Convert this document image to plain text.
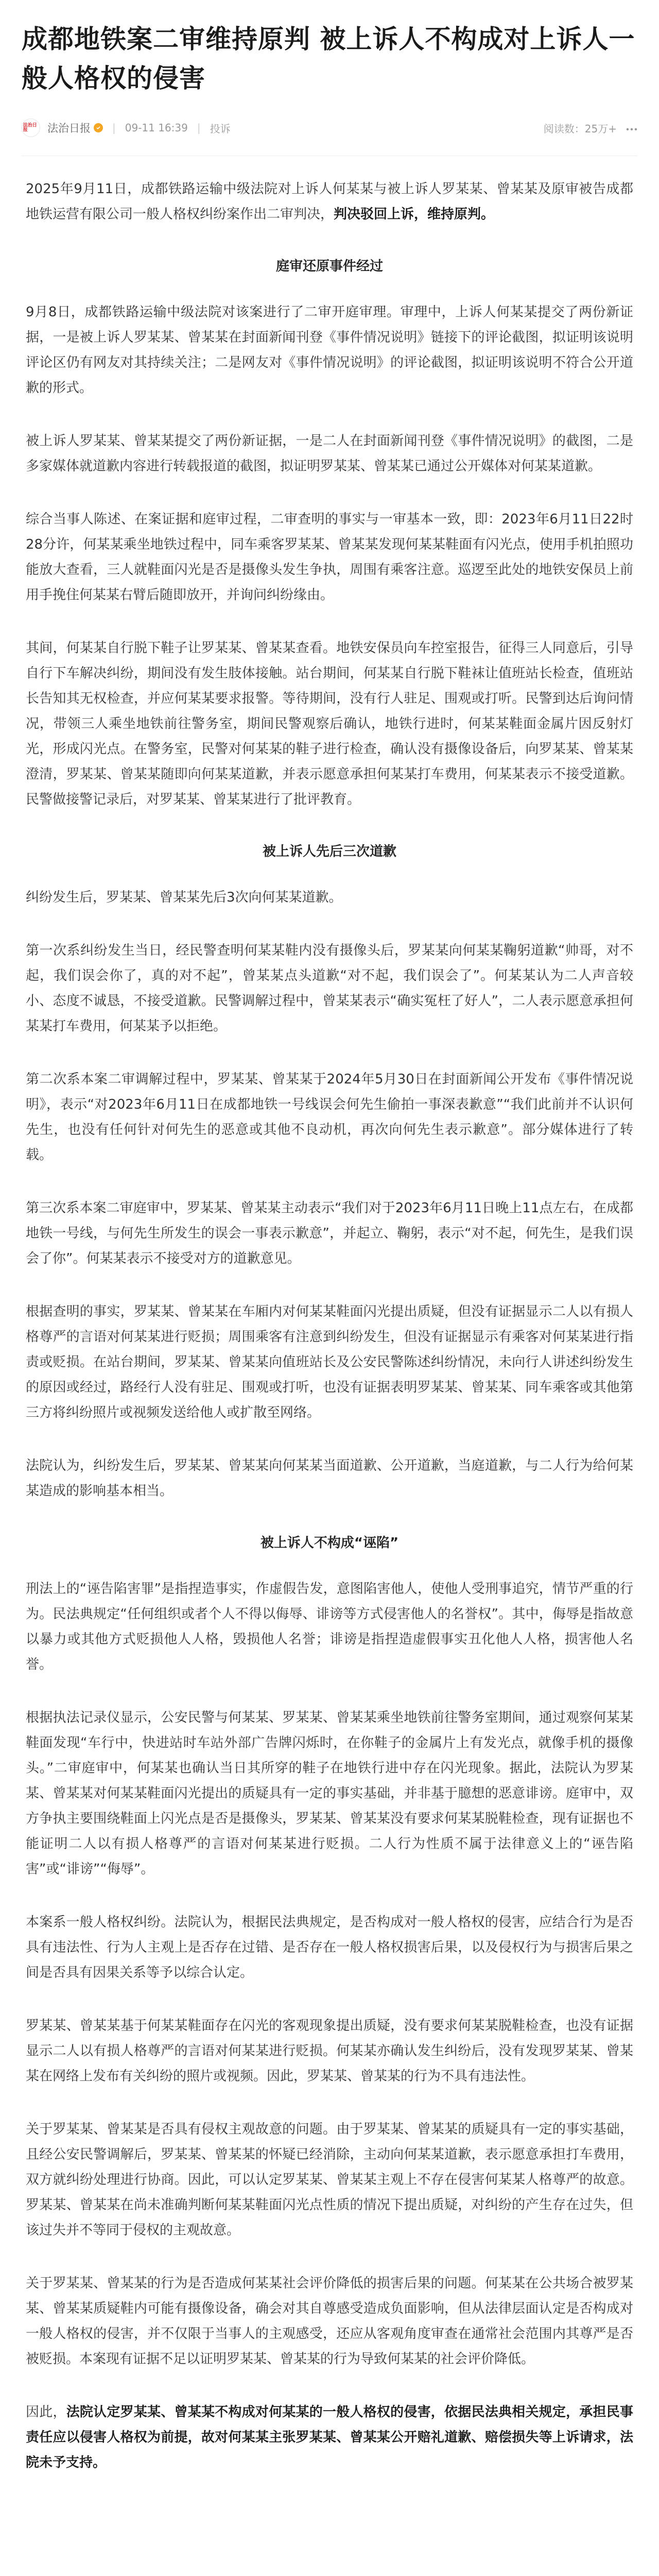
成都地铁案二审维持原判 被上诉人不构成对上诉人一般人格权的侵害
法治日报	法治日报 | 09-11 16:39 | 投诉	阅读数：25万+

2025年9月11日，成都铁路运输中级法院对上诉人何某某与被上诉人罗某某、曾某某及原审被告成都地铁运营有限公司一般人格权纠纷案作出二审判决，判决驳回上诉，维持原判。

庭审还原事件经过

9月8日，成都铁路运输中级法院对该案进行了二审开庭审理。审理中，上诉人何某某提交了两份新证据，一是被上诉人罗某某、曾某某在封面新闻刊登《事件情况说明》链接下的评论截图，拟证明该说明评论区仍有网友对其持续关注；二是网友对《事件情况说明》的评论截图，拟证明该说明不符合公开道歉的形式。

被上诉人罗某某、曾某某提交了两份新证据，一是二人在封面新闻刊登《事件情况说明》的截图，二是多家媒体就道歉内容进行转载报道的截图，拟证明罗某某、曾某某已通过公开媒体对何某某道歉。

综合当事人陈述、在案证据和庭审过程，二审查明的事实与一审基本一致，即：2023年6月11日22时28分许，何某某乘坐地铁过程中，同车乘客罗某某、曾某某发现何某某鞋面有闪光点，使用手机拍照功能放大查看，三人就鞋面闪光是否是摄像头发生争执，周围有乘客注意。巡逻至此处的地铁安保员上前用手挽住何某某右臂后随即放开，并询问纠纷缘由。

其间，何某某自行脱下鞋子让罗某某、曾某某查看。地铁安保员向车控室报告，征得三人同意后，引导自行下车解决纠纷，期间没有发生肢体接触。站台期间，何某某自行脱下鞋袜让值班站长检查，值班站长告知其无权检查，并应何某某要求报警。等待期间，没有行人驻足、围观或打听。民警到达后询问情况，带领三人乘坐地铁前往警务室，期间民警观察后确认，地铁行进时，何某某鞋面金属片因反射灯光，形成闪光点。在警务室，民警对何某某的鞋子进行检查，确认没有摄像设备后，向罗某某、曾某某澄清，罗某某、曾某某随即向何某某道歉，并表示愿意承担何某某打车费用，何某某表示不接受道歉。民警做接警记录后，对罗某某、曾某某进行了批评教育。

被上诉人先后三次道歉

纠纷发生后，罗某某、曾某某先后3次向何某某道歉。

第一次系纠纷发生当日，经民警查明何某某鞋内没有摄像头后，罗某某向何某某鞠躬道歉“帅哥，对不起，我们误会你了，真的对不起”，曾某某点头道歉“对不起，我们误会了”。何某某认为二人声音较小、态度不诚恳，不接受道歉。民警调解过程中，曾某某表示“确实冤枉了好人”，二人表示愿意承担何某某打车费用，何某某予以拒绝。

第二次系本案二审调解过程中，罗某某、曾某某于2024年5月30日在封面新闻公开发布《事件情况说明》，表示“对2023年6月11日在成都地铁一号线误会何先生偷拍一事深表歉意”“我们此前并不认识何先生，也没有任何针对何先生的恶意或其他不良动机，再次向何先生表示歉意”。部分媒体进行了转载。

第三次系本案二审庭审中，罗某某、曾某某主动表示“我们对于2023年6月11日晚上11点左右，在成都地铁一号线，与何先生所发生的误会一事表示歉意”，并起立、鞠躬，表示“对不起，何先生，是我们误会了你”。何某某表示不接受对方的道歉意见。

根据查明的事实，罗某某、曾某某在车厢内对何某某鞋面闪光提出质疑，但没有证据显示二人以有损人格尊严的言语对何某某进行贬损；周围乘客有注意到纠纷发生，但没有证据显示有乘客对何某某进行指责或贬损。在站台期间，罗某某、曾某某向值班站长及公安民警陈述纠纷情况，未向行人讲述纠纷发生的原因或经过，路经行人没有驻足、围观或打听，也没有证据表明罗某某、曾某某、同车乘客或其他第三方将纠纷照片或视频发送给他人或扩散至网络。

法院认为，纠纷发生后，罗某某、曾某某向何某某当面道歉、公开道歉，当庭道歉，与二人行为给何某某造成的影响基本相当。

被上诉人不构成“诬陷”

刑法上的“诬告陷害罪”是指捏造事实，作虚假告发，意图陷害他人，使他人受刑事追究，情节严重的行为。民法典规定“任何组织或者个人不得以侮辱、诽谤等方式侵害他人的名誉权”。其中，侮辱是指故意以暴力或其他方式贬损他人人格，毁损他人名誉；诽谤是指捏造虚假事实丑化他人人格，损害他人名誉。

根据执法记录仪显示，公安民警与何某某、罗某某、曾某某乘坐地铁前往警务室期间，通过观察何某某鞋面发现“车行中，快进站时车站外部广告牌闪烁时，在你鞋子的金属片上有发光点，就像手机的摄像头。”二审庭审中，何某某也确认当日其所穿的鞋子在地铁行进中存在闪光现象。据此，法院认为罗某某、曾某某对何某某鞋面闪光提出的质疑具有一定的事实基础，并非基于臆想的恶意诽谤。庭审中，双方争执主要围绕鞋面上闪光点是否是摄像头，罗某某、曾某某没有要求何某某脱鞋检查，现有证据也不能证明二人以有损人格尊严的言语对何某某进行贬损。二人行为性质不属于法律意义上的“诬告陷害”或“诽谤”“侮辱”。

本案系一般人格权纠纷。法院认为，根据民法典规定，是否构成对一般人格权的侵害，应结合行为是否具有违法性、行为人主观上是否存在过错、是否存在一般人格权损害后果，以及侵权行为与损害后果之间是否具有因果关系等予以综合认定。

罗某某、曾某某基于何某某鞋面存在闪光的客观现象提出质疑，没有要求何某某脱鞋检查，也没有证据显示二人以有损人格尊严的言语对何某某进行贬损。何某某亦确认发生纠纷后，没有发现罗某某、曾某某在网络上发布有关纠纷的照片或视频。因此，罗某某、曾某某的行为不具有违法性。

关于罗某某、曾某某是否具有侵权主观故意的问题。由于罗某某、曾某某的质疑具有一定的事实基础，且经公安民警调解后，罗某某、曾某某的怀疑已经消除，主动向何某某道歉，表示愿意承担打车费用，双方就纠纷处理进行协商。因此，可以认定罗某某、曾某某主观上不存在侵害何某某人格尊严的故意。罗某某、曾某某在尚未准确判断何某某鞋面闪光点性质的情况下提出质疑，对纠纷的产生存在过失，但该过失并不等同于侵权的主观故意。

关于罗某某、曾某某的行为是否造成何某某社会评价降低的损害后果的问题。何某某在公共场合被罗某某、曾某某质疑鞋内可能有摄像设备，确会对其自尊感受造成负面影响，但从法律层面认定是否构成对一般人格权的侵害，并不仅限于当事人的主观感受，还应从客观角度审查在通常社会范围内其尊严是否被贬损。本案现有证据不足以证明罗某某、曾某某的行为导致何某某的社会评价降低。

因此，法院认定罗某某、曾某某不构成对何某某的一般人格权的侵害，依据民法典相关规定，承担民事责任应以侵害人格权为前提，故对何某某主张罗某某、曾某某公开赔礼道歉、赔偿损失等上诉请求，法院未予支持。
